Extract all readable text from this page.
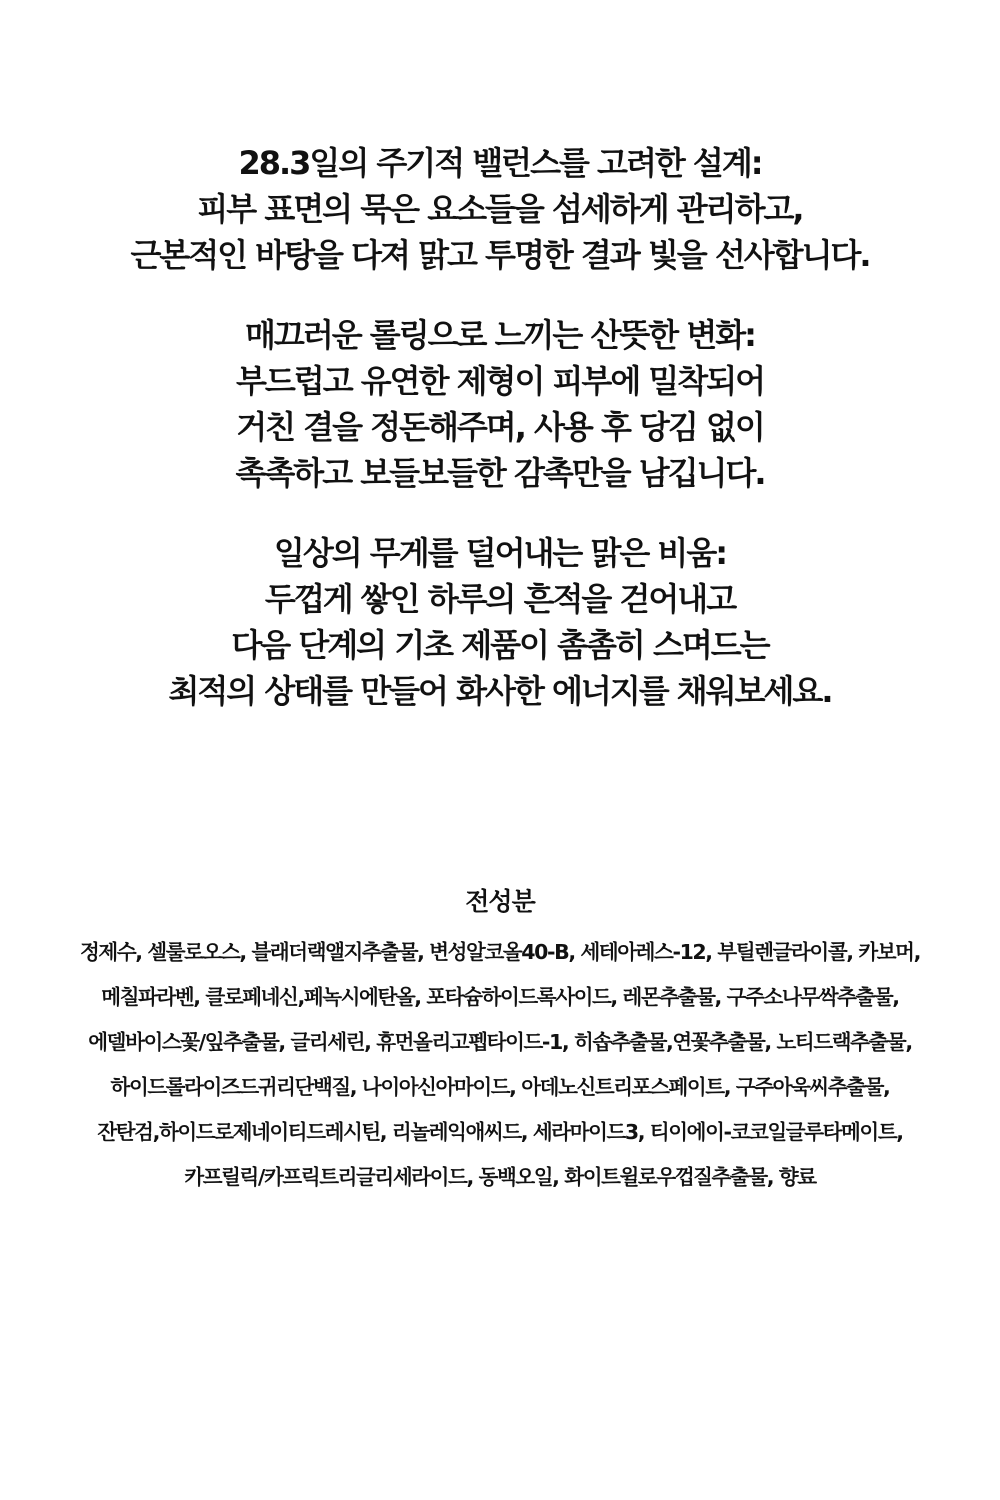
28.3일의 주기적 밸런스를 고려한 설계:
피부 표면의 묵은 요소들을 섬세하게 관리하고,
근본적인 바탕을 다져 맑고 투명한 결과 빛을 선사합니다.
매끄러운 롤링으로 느끼는 산뜻한 변화:
부드럽고 유연한 제형이 피부에 밀착되어
거친 결을 정돈해주며, 사용 후 당김 없이
촉촉하고 보들보들한 감촉만을 남깁니다.
일상의 무게를 덜어내는 맑은 비움:
두껍게 쌓인 하루의 흔적을 걷어내고
다음 단계의 기초 제품이 촘촘히 스며드는
최적의 상태를 만들어 화사한 에너지를 채워보세요.
전성분
정제수, 셀룰로오스, 블래더랙앨지추출물, 변성알코올40-B, 세테아레스-12, 부틸렌글라이콜, 카보머,
메칠파라벤, 클로페네신,페녹시에탄올, 포타슘하이드록사이드, 레몬추출물, 구주소나무싹추출물,
에델바이스꽃/잎추출물, 글리세린, 휴먼올리고펩타이드-1, 히솝추출물,연꽃추출물, 노티드랙추출물,
하이드롤라이즈드귀리단백질, 나이아신아마이드, 아데노신트리포스페이트, 구주아욱씨추출물,
잔탄검,하이드로제네이티드레시틴, 리놀레익애씨드, 세라마이드3, 티이에이-코코일글루타메이트,
카프릴릭/카프릭트리글리세라이드, 동백오일, 화이트윌로우껍질추출물, 향료
